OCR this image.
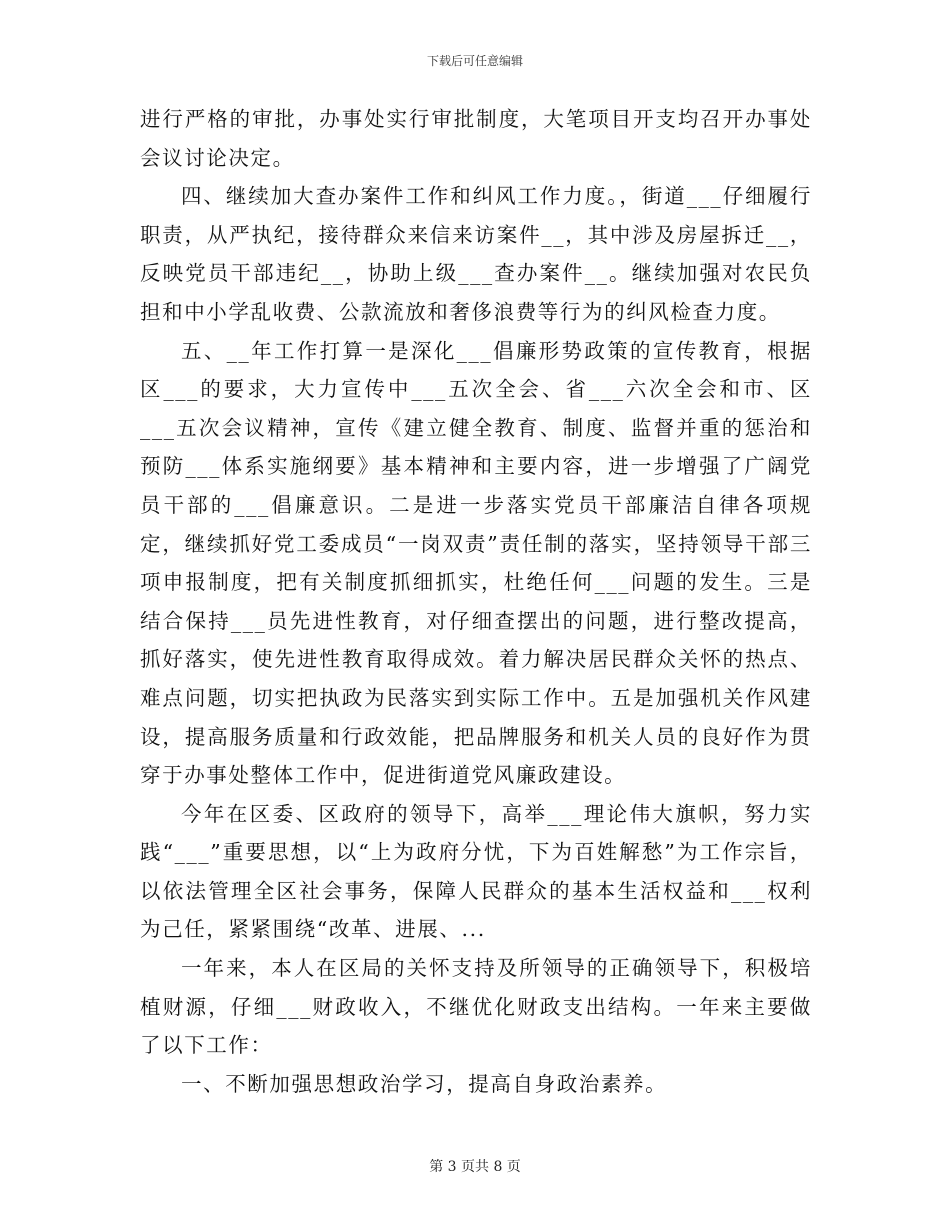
下载后可任意编辑

进行严格的审批，办事处实行审批制度，大笔项目开支均召开办事处会议讨论决定。

四、继续加大查办案件工作和纠风工作力度。，街道___仔细履行职责，从严执纪，接待群众来信来访案件__，其中涉及房屋拆迁__，反映党员干部违纪__，协助上级___查办案件__。继续加强对农民负担和中小学乱收费、公款流放和奢侈浪费等行为的纠风检查力度。

五、__年工作打算一是深化___倡廉形势政策的宣传教育，根据区___的要求，大力宣传中___五次全会、省___六次全会和市、区___五次会议精神，宣传《建立健全教育、制度、监督并重的惩治和预防___体系实施纲要》基本精神和主要内容，进一步增强了广阔党员干部的___倡廉意识。二是进一步落实党员干部廉洁自律各项规定，继续抓好党工委成员“一岗双责”责任制的落实，坚持领导干部三项申报制度，把有关制度抓细抓实，杜绝任何___问题的发生。三是结合保持___员先进性教育，对仔细查摆出的问题，进行整改提高，抓好落实，使先进性教育取得成效。着力解决居民群众关怀的热点、难点问题，切实把执政为民落实到实际工作中。五是加强机关作风建设，提高服务质量和行政效能，把品牌服务和机关人员的良好作为贯穿于办事处整体工作中，促进街道党风廉政建设。

今年在区委、区政府的领导下，高举___理论伟大旗帜，努力实践“___”重要思想，以“上为政府分忧，下为百姓解愁”为工作宗旨，以依法管理全区社会事务，保障人民群众的基本生活权益和___权利为己任，紧紧围绕“改革、进展、...

一年来，本人在区局的关怀支持及所领导的正确领导下，积极培植财源，仔细___财政收入，不继优化财政支出结构。一年来主要做了以下工作：

一、不断加强思想政治学习，提高自身政治素养。

第 3 页共 8 页
